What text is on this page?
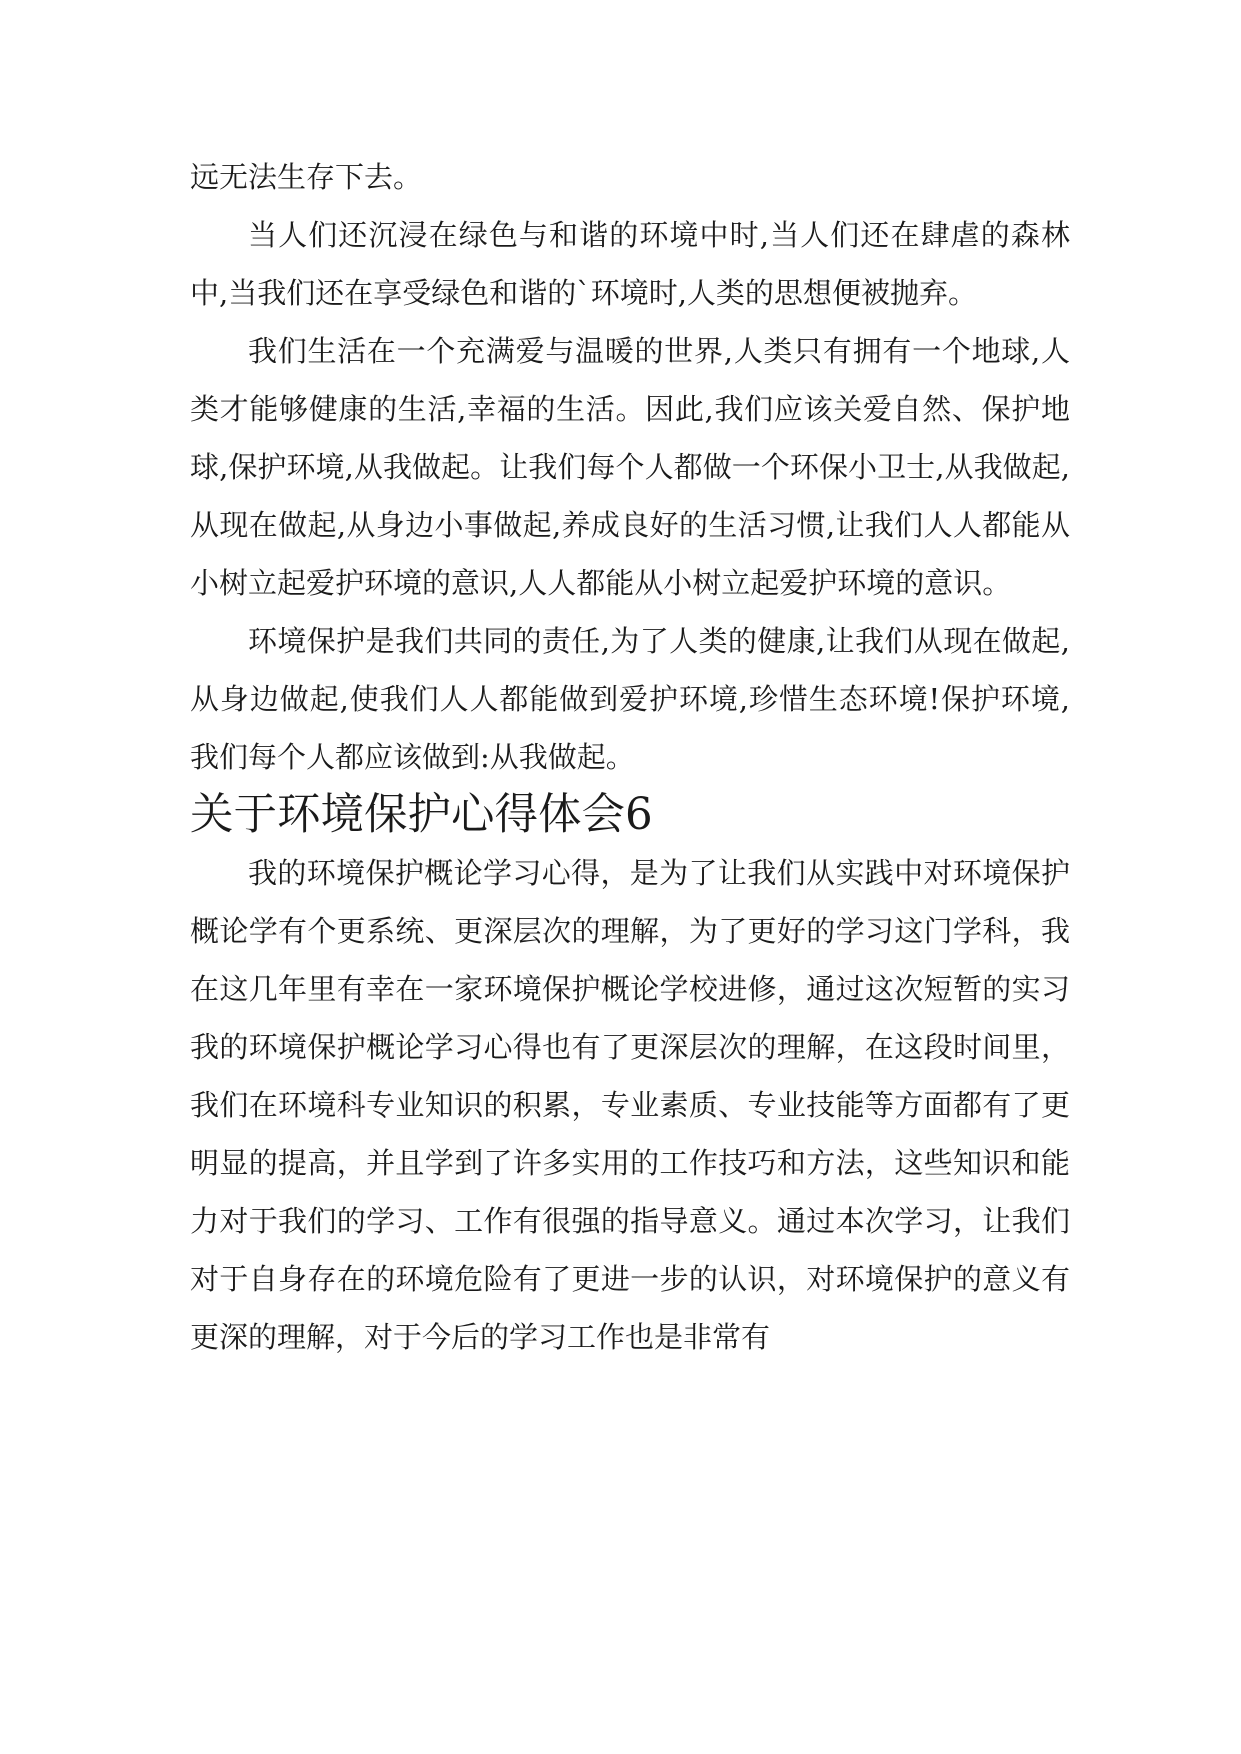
远无法生存下去。

当人们还沉浸在绿色与和谐的环境中时,当人们还在肆虐的森林中,当我们还在享受绿色和谐的`环境时,人类的思想便被抛弃。

我们生活在一个充满爱与温暖的世界,人类只有拥有一个地球,人类才能够健康的生活,幸福的生活。因此,我们应该关爱自然、保护地球,保护环境,从我做起。让我们每个人都做一个环保小卫士,从我做起,从现在做起,从身边小事做起,养成良好的生活习惯,让我们人人都能从小树立起爱护环境的意识,人人都能从小树立起爱护环境的意识。

环境保护是我们共同的责任,为了人类的健康,让我们从现在做起,从身边做起,使我们人人都能做到爱护环境,珍惜生态环境!保护环境,我们每个人都应该做到:从我做起。

关于环境保护心得体会6

我的环境保护概论学习心得，是为了让我们从实践中对环境保护概论学有个更系统、更深层次的理解，为了更好的学习这门学科，我在这几年里有幸在一家环境保护概论学校进修，通过这次短暂的实习我的环境保护概论学习心得也有了更深层次的理解，在这段时间里，我们在环境科专业知识的积累，专业素质、专业技能等方面都有了更明显的提高，并且学到了许多实用的工作技巧和方法，这些知识和能力对于我们的学习、工作有很强的指导意义。通过本次学习，让我们对于自身存在的环境危险有了更进一步的认识，对环境保护的意义有更深的理解，对于今后的学习工作也是非常有
